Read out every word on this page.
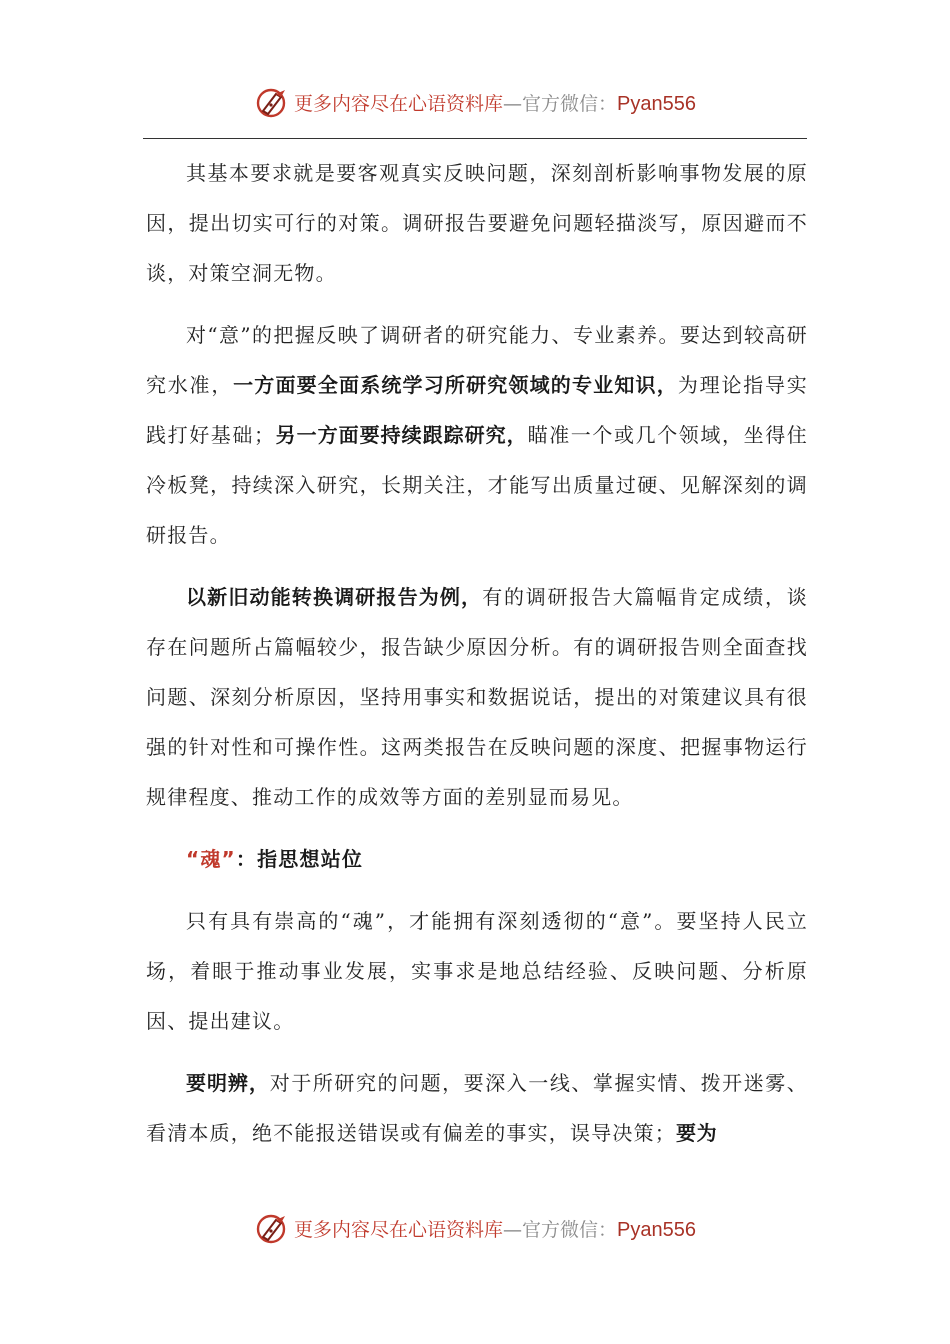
更多内容尽在心语资料库 — 官方微信： Pyan556

其基本要求就是要客观真实反映问题，深刻剖析影响事物发展的原因，提出切实可行的对策。调研报告要避免问题轻描淡写，原因避而不谈，对策空洞无物。

对“意”的把握反映了调研者的研究能力、专业素养。要达到较高研究水准，一方面要全面系统学习所研究领域的专业知识，为理论指导实践打好基础；另一方面要持续跟踪研究，瞄准一个或几个领域，坐得住冷板凳，持续深入研究，长期关注，才能写出质量过硬、见解深刻的调研报告。

以新旧动能转换调研报告为例，有的调研报告大篇幅肯定成绩，谈存在问题所占篇幅较少，报告缺少原因分析。有的调研报告则全面查找问题、深刻分析原因，坚持用事实和数据说话，提出的对策建议具有很强的针对性和可操作性。这两类报告在反映问题的深度、把握事物运行规律程度、推动工作的成效等方面的差别显而易见。

“魂”：指思想站位

只有具有崇高的“魂”，才能拥有深刻透彻的“意”。要坚持人民立场，着眼于推动事业发展，实事求是地总结经验、反映问题、分析原因、提出建议。

要明辨，对于所研究的问题，要深入一线、掌握实情、拨开迷雾、看清本质，绝不能报送错误或有偏差的事实，误导决策；要为

更多内容尽在心语资料库 — 官方微信： Pyan556
